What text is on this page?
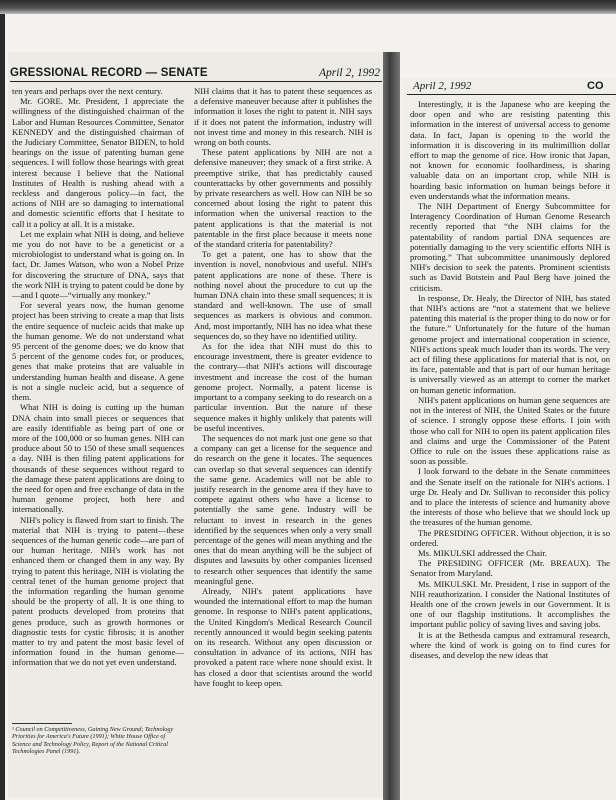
GRESSIONAL RECORD — SENATE	April 2, 1992
April 2, 1992	CO

ten years and perhaps over the next century.

Mr. GORE. Mr. President, I appreciate the willingness of the distinguished chairman of the Labor and Human Resources Committee, Senator KENNEDY and the distinguished chairman of the Judiciary Committee, Senator BIDEN, to hold hearings on the issue of patenting human gene sequences. I will follow those hearings with great interest because I believe that the National Institutes of Health is rushing ahead with a reckless and dangerous policy—in fact, the actions of NIH are so damaging to international and domestic scientific efforts that I hesitate to call it a policy at all. It is a mistake.

Let me explain what NIH is doing, and believe me you do not have to be a geneticist or a microbiologist to understand what is going on. In fact, Dr. James Watson, who won a Nobel Prize for discovering the structure of DNA, says that the work NIH is trying to patent could be done by—and I quote—“virtually any monkey.”

For several years now, the human genome project has been striving to create a map that lists the entire sequence of nucleic acids that make up the human genome. We do not understand what 95 percent of the genome does; we do know that 5 percent of the genome codes for, or produces, genes that make proteins that are valuable in understanding human health and disease. A gene is not a single nucleic acid, but a sequence of them.

What NIH is doing is cutting up the human DNA chain into small pieces or sequences that are easily identifiable as being part of one or more of the 100,000 or so human genes. NIH can produce about 50 to 150 of these small sequences a day. NIH is then filing patent applications for thousands of these sequences without regard to the damage these patent applications are doing to the need for open and free exchange of data in the human genome project, both here and internationally.

NIH's policy is flawed from start to finish. The material that NIH is trying to patent—these sequences of the human genetic code—are part of our human heritage. NIH's work has not enhanced them or changed them in any way. By trying to patent this heritage, NIH is violating the central tenet of the human genome project that the information regarding the human genome should be the property of all. It is one thing to patent products developed from proteins that genes produce, such as growth hormones or diagnostic tests for cystic fibrosis; it is another matter to try and patent the most basic level of information found in the human genome—information that we do not yet even understand.

¹ Council on Competitiveness, Gaining New Ground; Technology Priorities for America's Future (1991); White House Office of Science and Technology Policy, Report of the National Critical Technologies Panel (1991).

NIH claims that it has to patent these sequences as a defensive maneuver because after it publishes the information it loses the right to patent it. NIH says if it does not patent the information, industry will not invest time and money in this research. NIH is wrong on both counts.

These patent applications by NIH are not a defensive maneuver; they smack of a first strike. A preemptive strike, that has predictably caused counterattacks by other governments and possibly by private researchers as well. How can NIH be so concerned about losing the right to patent this information when the universal reaction to the patent applications is that the material is not patentable in the first place because it meets none of the standard criteria for patentability?

To get a patent, one has to show that the invention is novel, nonobvious and useful. NIH's patent applications are none of these. There is nothing novel about the procedure to cut up the human DNA chain into these small sequences; it is standard and well-known. The use of small sequences as markers is obvious and common. And, most importantly, NIH has no idea what these sequences do, so they have no identified utility.

As for the idea that NIH must do this to encourage investment, there is greater evidence to the contrary—that NIH's actions will discourage investment and increase the cost of the human genome project. Normally, a patent license is important to a company seeking to do research on a particular invention. But the nature of these sequence makes it highly unlikely that patents will be useful incentives.

The sequences do not mark just one gene so that a company can get a license for the sequence and do research on the gene it locates. The sequences can overlap so that several sequences can identify the same gene. Academics will not be able to justify research in the genome area if they have to compete against others who have a license to potentially the same gene. Industry will be reluctant to invest in research in the genes identified by the sequences when only a very small percentage of the genes will mean anything and the ones that do mean anything will be the subject of disputes and lawsuits by other companies licensed to research other sequences that identify the same meaningful gene.

Already, NIH's patent applications have wounded the international effort to map the human genome. In response to NIH's patent applications, the United Kingdom's Medical Research Council recently announced it would begin seeking patents on its research. Without any open discussion or consultation in advance of its actions, NIH has provoked a patent race where none should exist. It has closed a door that scientists around the world have fought to keep open.

Interestingly, it is the Japanese who are keeping the door open and who are resisting patenting this information in the interest of universal access to genome data. In fact, Japan is opening to the world the information it is discovering in its multimillion dollar effort to map the genome of rice. How ironic that Japan, not known for economic foolhardiness, is sharing valuable data on an important crop, while NIH is hoarding basic information on human beings before it even understands what the information means.

The NIH Department of Energy Subcommittee for Interagency Coordination of Human Genome Research recently reported that “the NIH claims for the patentability of random partial DNA sequences are potentially damaging to the very scientific efforts NIH is promoting.” That subcommittee unanimously deplored NIH's decision to seek the patents. Prominent scientists such as David Botstein and Paul Berg have joined the criticism.

In response, Dr. Healy, the Director of NIH, has stated that NIH's actions are “not a statement that we believe patenting this material is the proper thing to do now or for the future.” Unfortunately for the future of the human genome project and international cooperation in science, NIH's actions speak much louder than its words. The very act of filing these applications for material that is not, on its face, patentable and that is part of our human heritage is universally viewed as an attempt to corner the market on human genetic information.

NIH's patent applications on human gene sequences are not in the interest of NIH, the United States or the future of science. I strongly oppose these efforts. I join with those who call for NIH to open its patent application files and claims and urge the Commissioner of the Patent Office to rule on the issues these applications raise as soon as possible.

I look forward to the debate in the Senate committees and the Senate itself on the rationale for NIH's actions. I urge Dr. Healy and Dr. Sullivan to reconsider this policy and to place the interests of science and humanity above the interests of those who believe that we should lock up the treasures of the human genome.

The PRESIDING OFFICER. Without objection, it is so ordered.

Ms. MIKULSKI addressed the Chair.

The PRESIDING OFFICER (Mr. BREAUX). The Senator from Maryland.

Ms. MIKULSKI. Mr. President, I rise in support of the NIH reauthorization. I consider the National Institutes of Health one of the crown jewels in our Government. It is one of our flagship institutions. It accomplishes the important public policy of saving lives and saving jobs.

It is at the Bethesda campus and extramural research, where the kind of work is going on to find cures for diseases, and develop the new ideas that
